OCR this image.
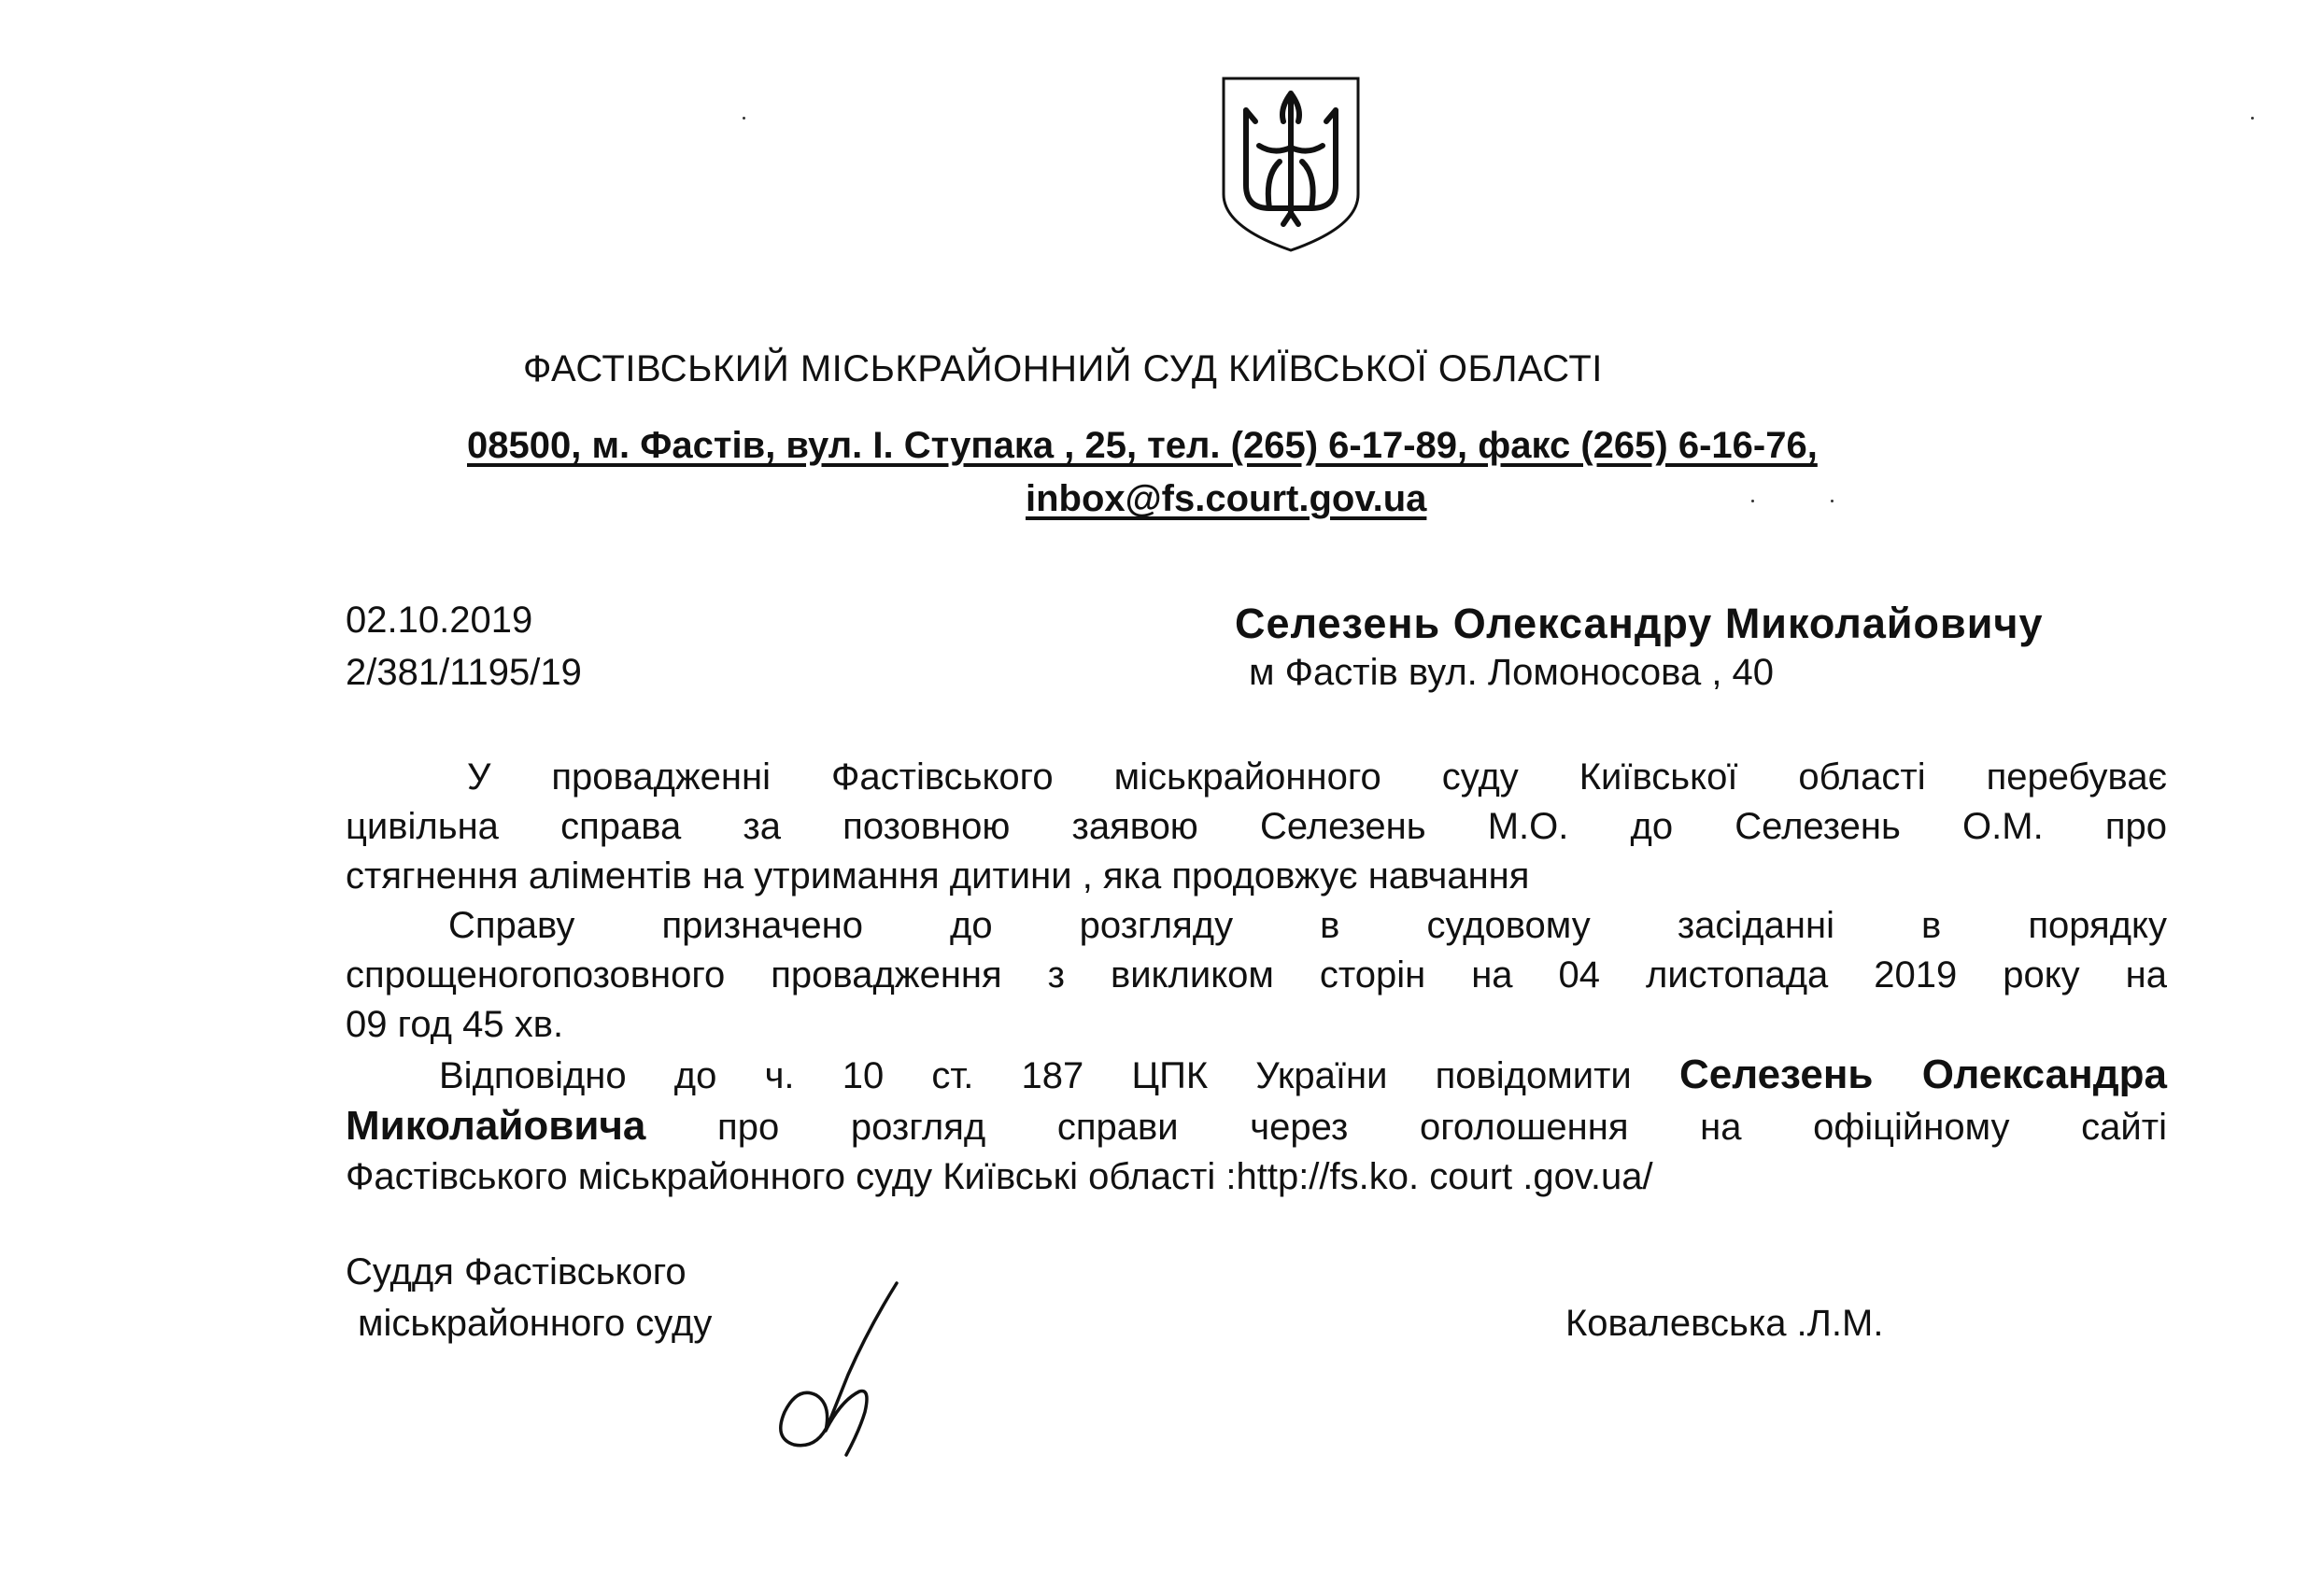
ФАСТІВСЬКИЙ МІСЬКРАЙОННИЙ СУД КИЇВСЬКОЇ ОБЛАСТІ
08500, м. Фастів, вул. І. Ступака , 25, тел. (265) 6-17-89, факс (265) 6-16-76,
inbox@fs.court.gov.ua
02.10.2019
2/381/1195/19
Селезень Олександру Миколайовичу
м Фастів вул. Ломоносова , 40
У провадженні Фастівського міськрайонного суду Київської області перебуває
цивільна справа за позовною заявою Селезень М.О. до Селезень О.М. про
стягнення аліментів на утримання дитини , яка продовжує навчання
Справу призначено до розгляду в судовому засіданні в порядку
спрощеногопозовного провадження з викликом сторін на 04 листопада 2019 року на
09 год 45 хв.
Відповідно до ч. 10 ст. 187 ЦПК України повідомити Селезень Олександра
Миколайовича про розгляд справи через оголошення на офіційному сайті
Фастівського міськрайонного суду Київські області :http://fs.ko. court .gov.ua/
Суддя Фастівського
міськрайонного суду	Ковалевська .Л.М.
